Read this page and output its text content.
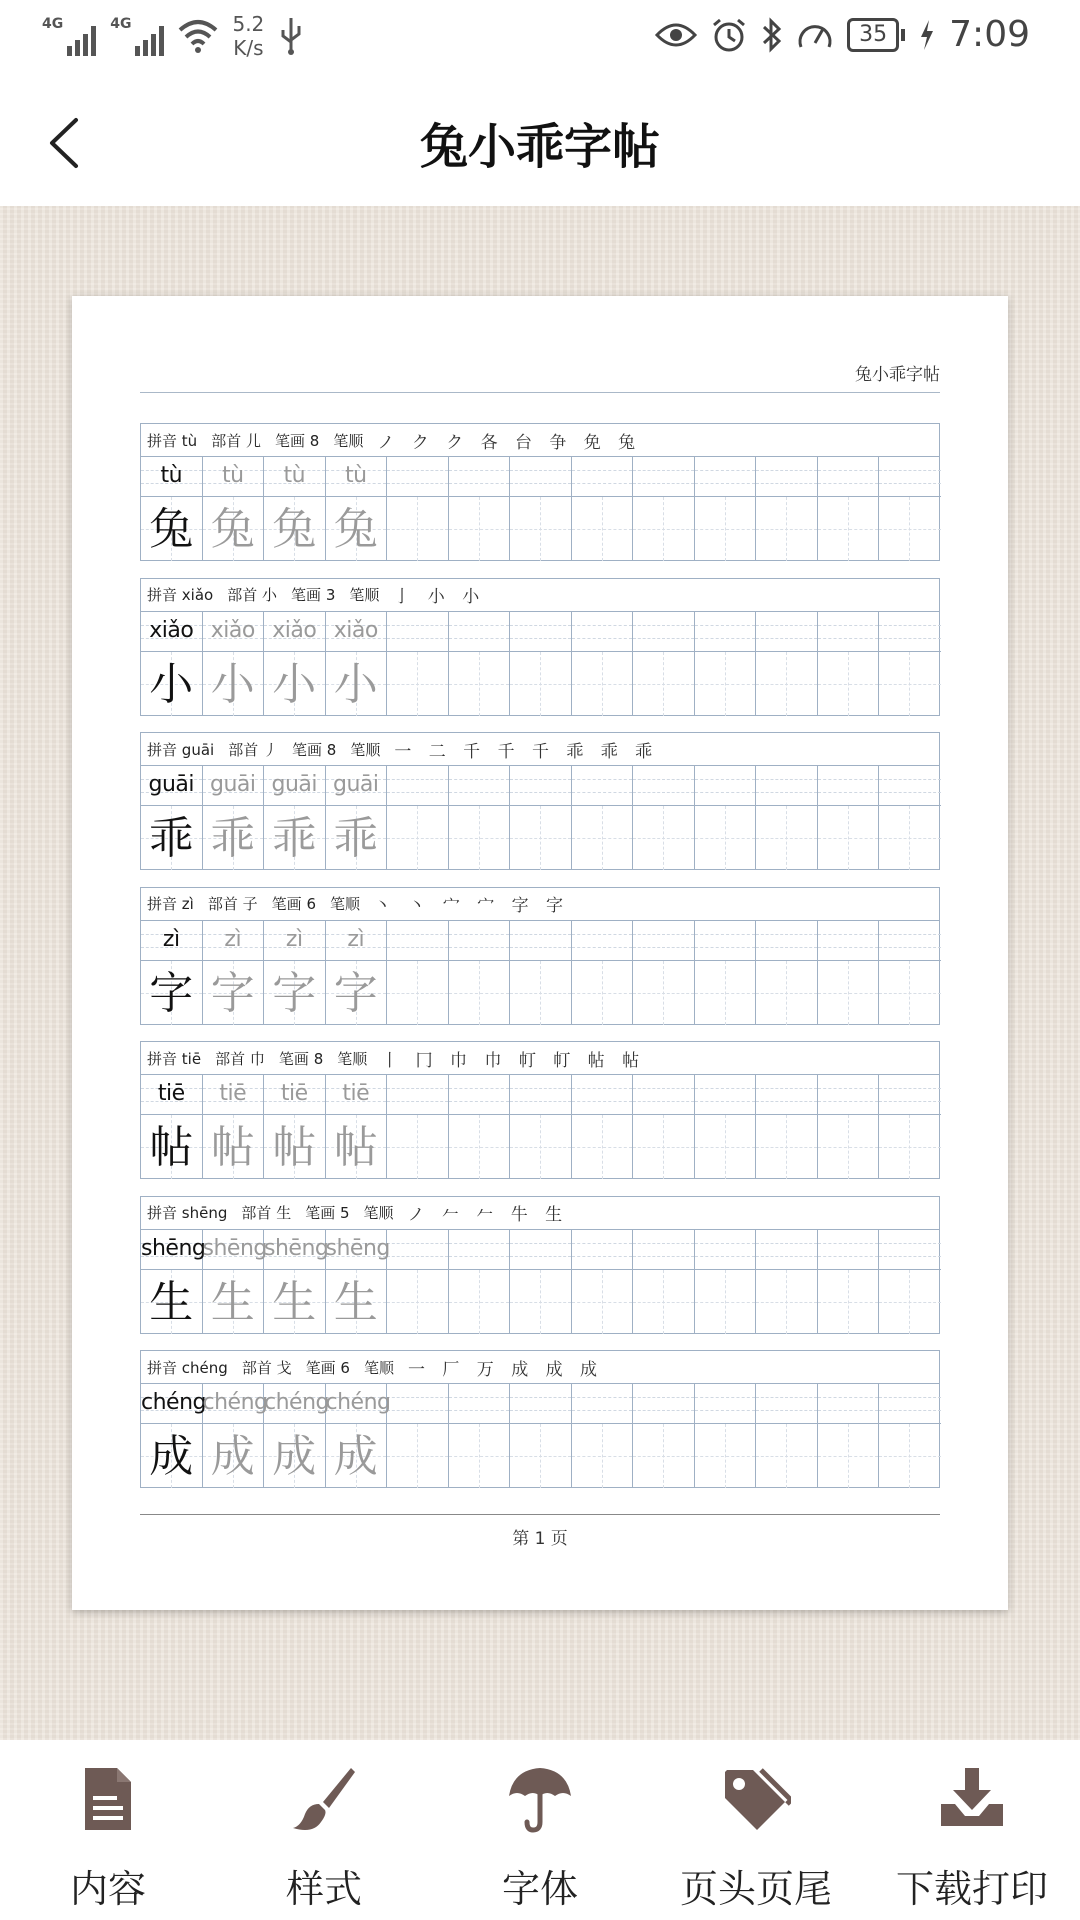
4G	4G	5.2
K/s
35	7:09
兔小乖字帖
兔小乖字帖
拼音 tù 部首 儿 笔画 8 笔顺 ノ ク ク 各 台 争 免 兔
tù
兔
tù
兔
tù
兔
tù
兔
拼音 xiǎo 部首 小 笔画 3 笔顺 亅 小 小
xiǎo
小
xiǎo
小
xiǎo
小
xiǎo
小
拼音 guāi 部首 丿 笔画 8 笔顺 一 二 千 千 千 乖 乖 乖
guāi
乖
guāi
乖
guāi
乖
guāi
乖
拼音 zì 部首 子 笔画 6 笔顺 丶 丶 宀 宀 字 字
zì
字
zì
字
zì
字
zì
字
拼音 tiē 部首 巾 笔画 8 笔顺 丨 冂 巾 巾 帄 帄 帖 帖
tiē
帖
tiē
帖
tiē
帖
tiē
帖
拼音 shēng 部首 生 笔画 5 笔顺 ノ 𠂉 𠂉 牛 生
shēng
生
shēng
生
shēng
生
shēng
生
拼音 chéng 部首 戈 笔画 6 笔顺 一 厂 万 成 成 成
chéng
成
chéng
成
chéng
成
chéng
成
第 1 页
内容	样式	字体	页头页尾	下载打印
